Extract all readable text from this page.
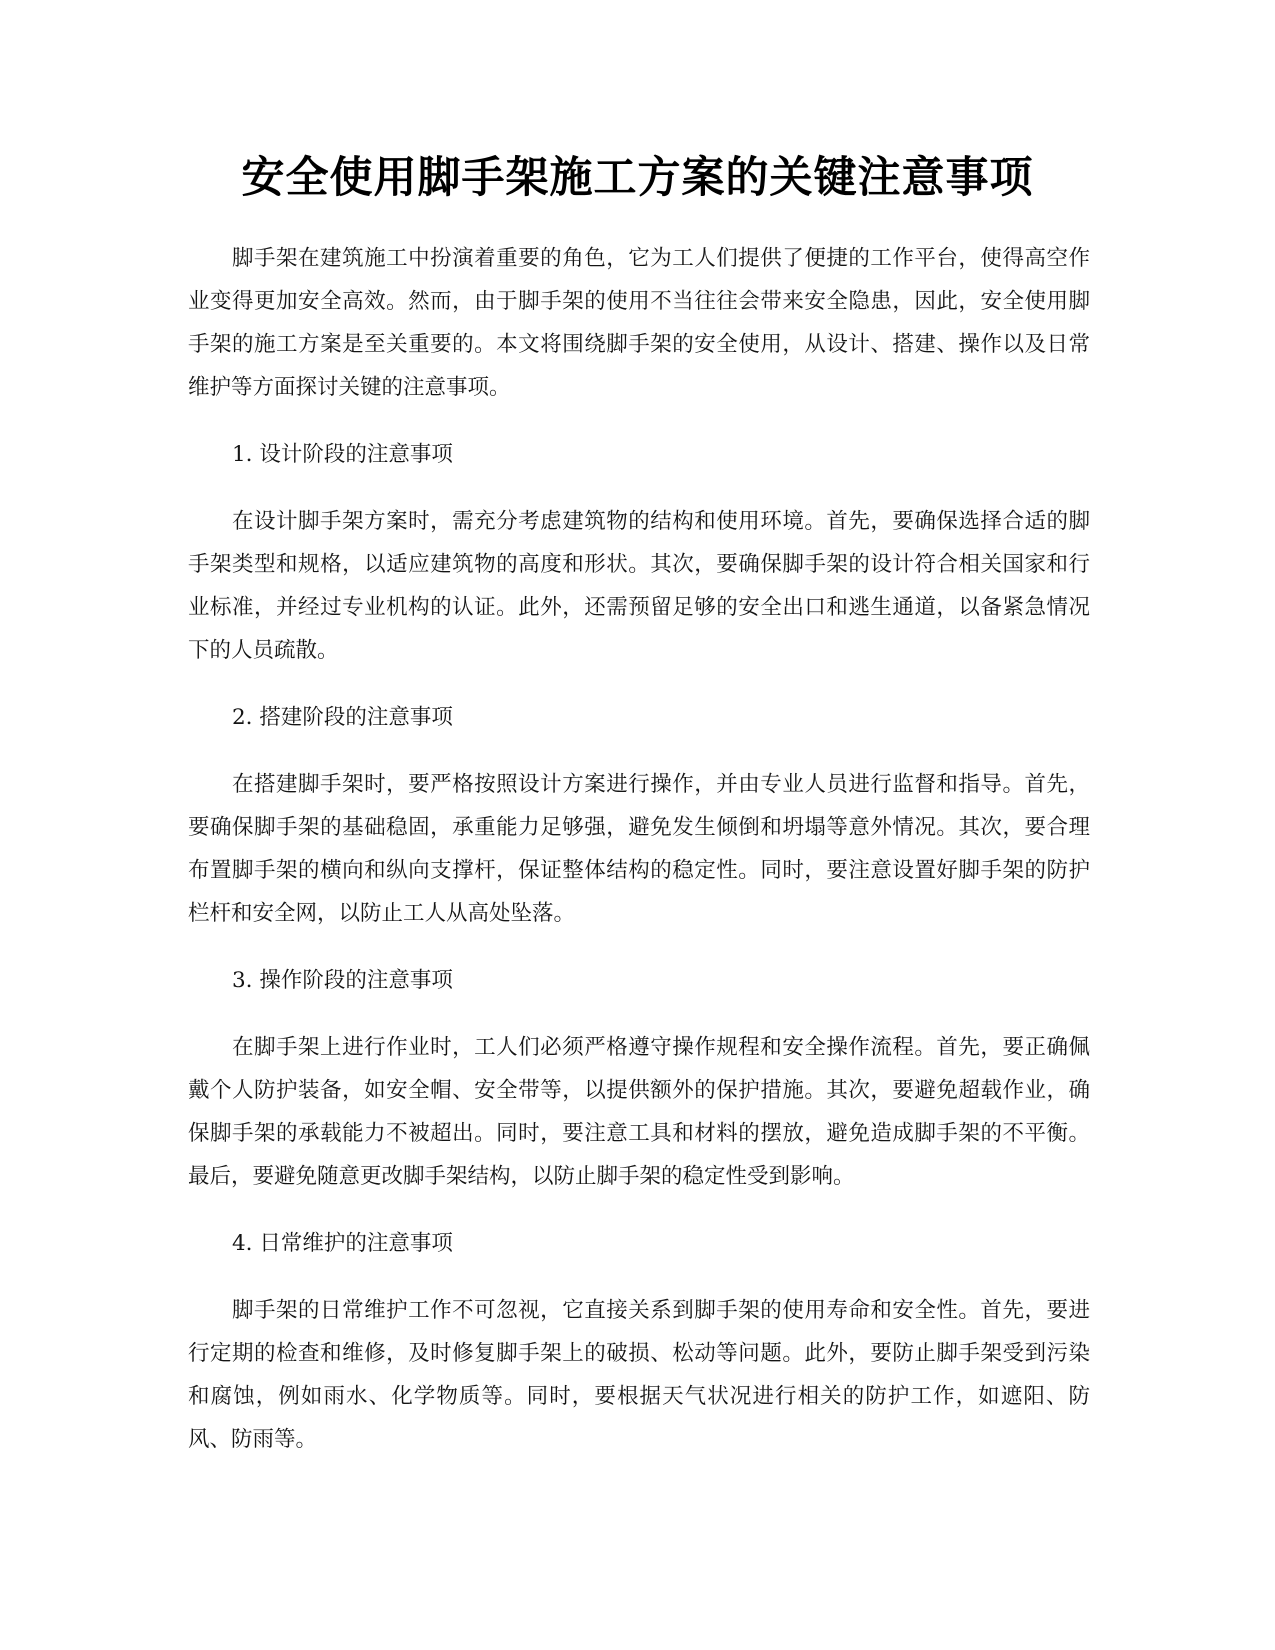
安全使用脚手架施工方案的关键注意事项

脚手架在建筑施工中扮演着重要的角色，它为工人们提供了便捷的工作平台，使得高空作业变得更加安全高效。然而，由于脚手架的使用不当往往会带来安全隐患，因此，安全使用脚手架的施工方案是至关重要的。本文将围绕脚手架的安全使用，从设计、搭建、操作以及日常维护等方面探讨关键的注意事项。

1. 设计阶段的注意事项

在设计脚手架方案时，需充分考虑建筑物的结构和使用环境。首先，要确保选择合适的脚手架类型和规格，以适应建筑物的高度和形状。其次，要确保脚手架的设计符合相关国家和行业标准，并经过专业机构的认证。此外，还需预留足够的安全出口和逃生通道，以备紧急情况下的人员疏散。

2. 搭建阶段的注意事项

在搭建脚手架时，要严格按照设计方案进行操作，并由专业人员进行监督和指导。首先，要确保脚手架的基础稳固，承重能力足够强，避免发生倾倒和坍塌等意外情况。其次，要合理布置脚手架的横向和纵向支撑杆，保证整体结构的稳定性。同时，要注意设置好脚手架的防护栏杆和安全网，以防止工人从高处坠落。

3. 操作阶段的注意事项

在脚手架上进行作业时，工人们必须严格遵守操作规程和安全操作流程。首先，要正确佩戴个人防护装备，如安全帽、安全带等，以提供额外的保护措施。其次，要避免超载作业，确保脚手架的承载能力不被超出。同时，要注意工具和材料的摆放，避免造成脚手架的不平衡。最后，要避免随意更改脚手架结构，以防止脚手架的稳定性受到影响。

4. 日常维护的注意事项

脚手架的日常维护工作不可忽视，它直接关系到脚手架的使用寿命和安全性。首先，要进行定期的检查和维修，及时修复脚手架上的破损、松动等问题。此外，要防止脚手架受到污染和腐蚀，例如雨水、化学物质等。同时，要根据天气状况进行相关的防护工作，如遮阳、防风、防雨等。
